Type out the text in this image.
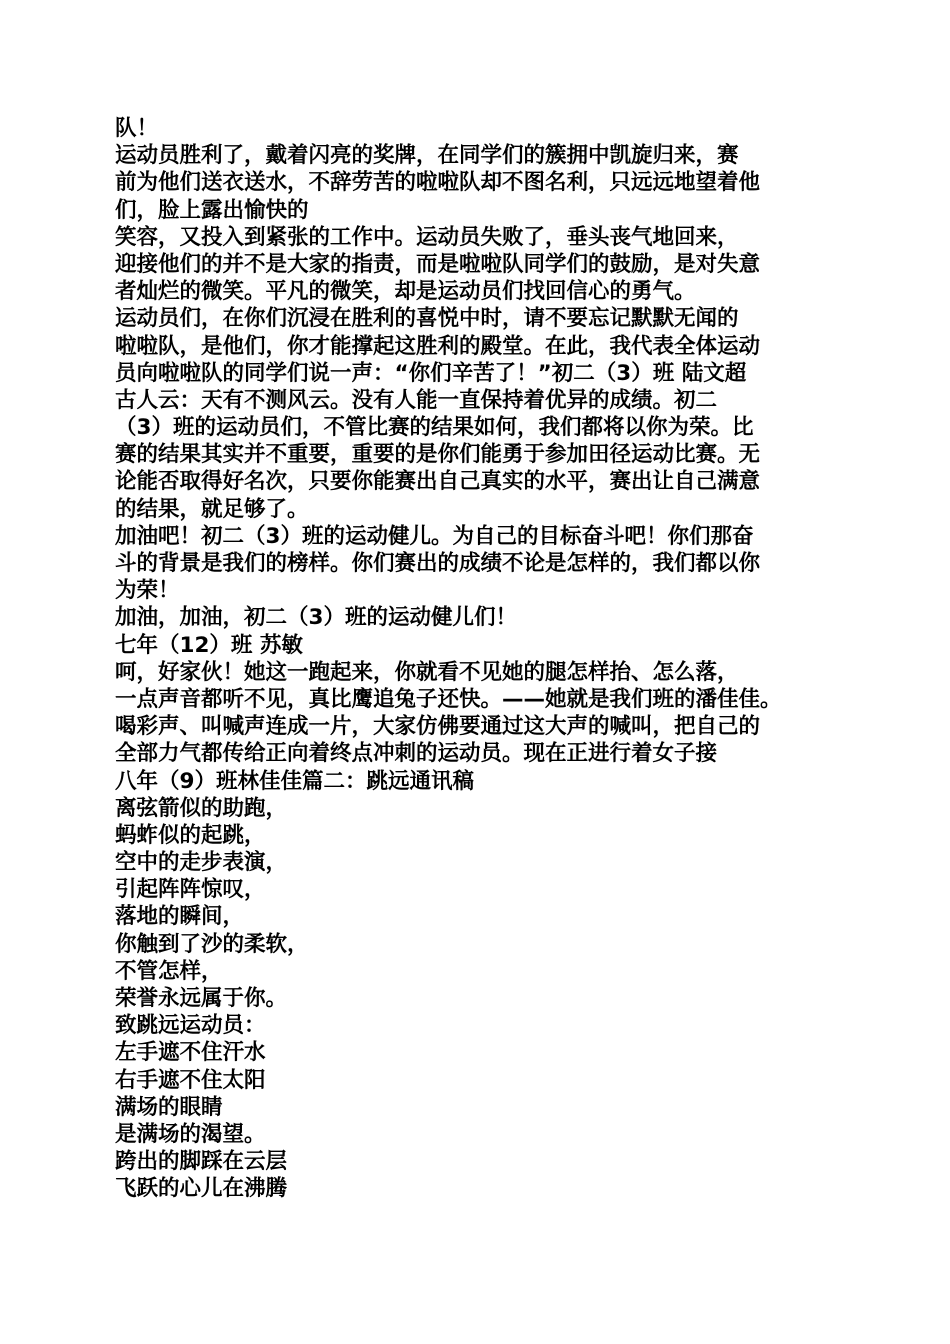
队！
运动员胜利了，戴着闪亮的奖牌，在同学们的簇拥中凯旋归来，赛
前为他们送衣送水，不辞劳苦的啦啦队却不图名利，只远远地望着他
们，脸上露出愉快的
笑容，又投入到紧张的工作中。运动员失败了，垂头丧气地回来，
迎接他们的并不是大家的指责，而是啦啦队同学们的鼓励，是对失意
者灿烂的微笑。平凡的微笑，却是运动员们找回信心的勇气。
运动员们，在你们沉浸在胜利的喜悦中时，请不要忘记默默无闻的
啦啦队，是他们，你才能撑起这胜利的殿堂。在此，我代表全体运动
员向啦啦队的同学们说一声：“你们辛苦了！”初二（3）班 陆文超
古人云：天有不测风云。没有人能一直保持着优异的成绩。初二
（3）班的运动员们，不管比赛的结果如何，我们都将以你为荣。比
赛的结果其实并不重要，重要的是你们能勇于参加田径运动比赛。无
论能否取得好名次，只要你能赛出自己真实的水平，赛出让自己满意
的结果，就足够了。
加油吧！初二（3）班的运动健儿。为自己的目标奋斗吧！你们那奋
斗的背景是我们的榜样。你们赛出的成绩不论是怎样的，我们都以你
为荣！
加油，加油，初二（3）班的运动健儿们！
七年（12）班 苏敏
呵，好家伙！她这一跑起来，你就看不见她的腿怎样抬、怎么落，
一点声音都听不见，真比鹰追兔子还快。——她就是我们班的潘佳佳。
喝彩声、叫喊声连成一片，大家仿佛要通过这大声的喊叫，把自己的
全部力气都传给正向着终点冲刺的运动员。现在正进行着女子接
八年（9）班林佳佳篇二：跳远通讯稿
离弦箭似的助跑，
蚂蚱似的起跳，
空中的走步表演，
引起阵阵惊叹，
落地的瞬间，
你触到了沙的柔软，
不管怎样，
荣誉永远属于你。
致跳远运动员：
左手遮不住汗水
右手遮不住太阳
满场的眼睛
是满场的渴望。
跨出的脚踩在云层
飞跃的心儿在沸腾
